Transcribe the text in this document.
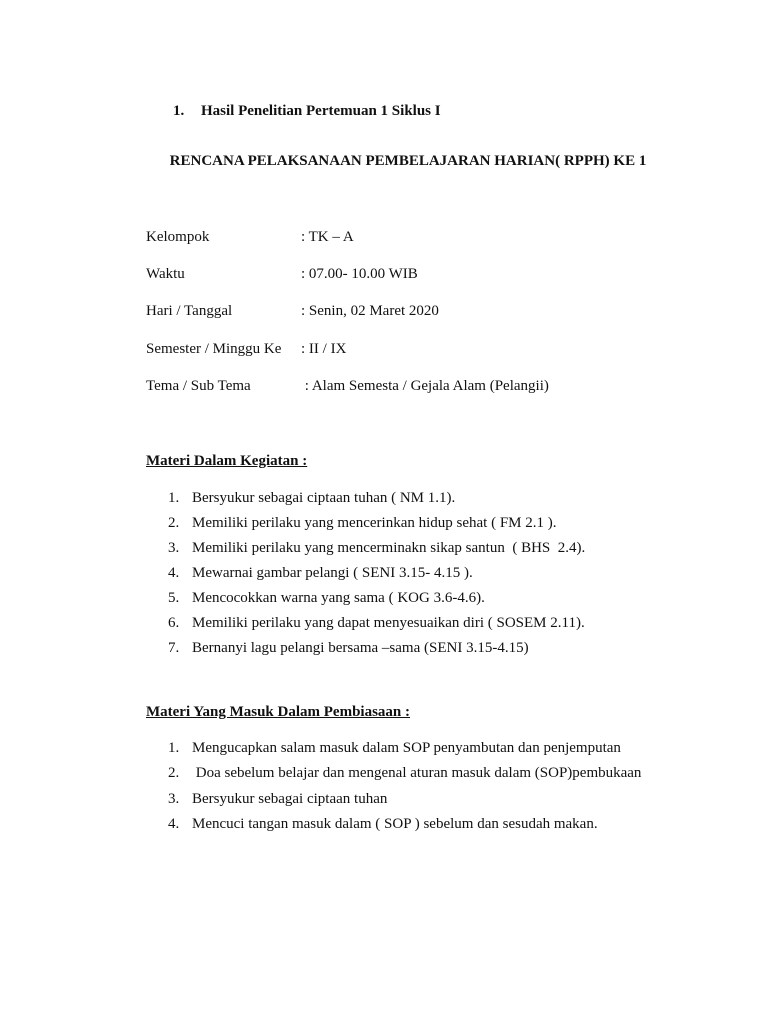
1. Hasil Penelitian Pertemuan 1 Siklus I
RENCANA PELAKSANAAN PEMBELAJARAN HARIAN( RPPH) KE 1
Kelompok	: TK – A
Waktu	: 07.00- 10.00 WIB
Hari / Tanggal	: Senin, 02 Maret 2020
Semester / Minggu Ke : II / IX
Tema / Sub Tema	: Alam Semesta / Gejala Alam (Pelangii)
Materi Dalam Kegiatan :
1. Bersyukur sebagai ciptaan tuhan ( NM 1.1).
2. Memiliki perilaku yang mencerinkan hidup sehat ( FM 2.1 ).
3. Memiliki perilaku yang mencerminakn sikap santun  ( BHS  2.4).
4. Mewarnai gambar pelangi ( SENI 3.15- 4.15 ).
5. Mencocokkan warna yang sama ( KOG 3.6-4.6).
6. Memiliki perilaku yang dapat menyesuaikan diri ( SOSEM 2.11).
7. Bernanyi lagu pelangi bersama –sama (SENI 3.15-4.15)
Materi Yang Masuk Dalam Pembiasaan :
1. Mengucapkan salam masuk dalam SOP penyambutan dan penjemputan
2. Doa sebelum belajar dan mengenal aturan masuk dalam (SOP)pembukaan
3. Bersyukur sebagai ciptaan tuhan
4. Mencuci tangan masuk dalam ( SOP ) sebelum dan sesudah makan.
